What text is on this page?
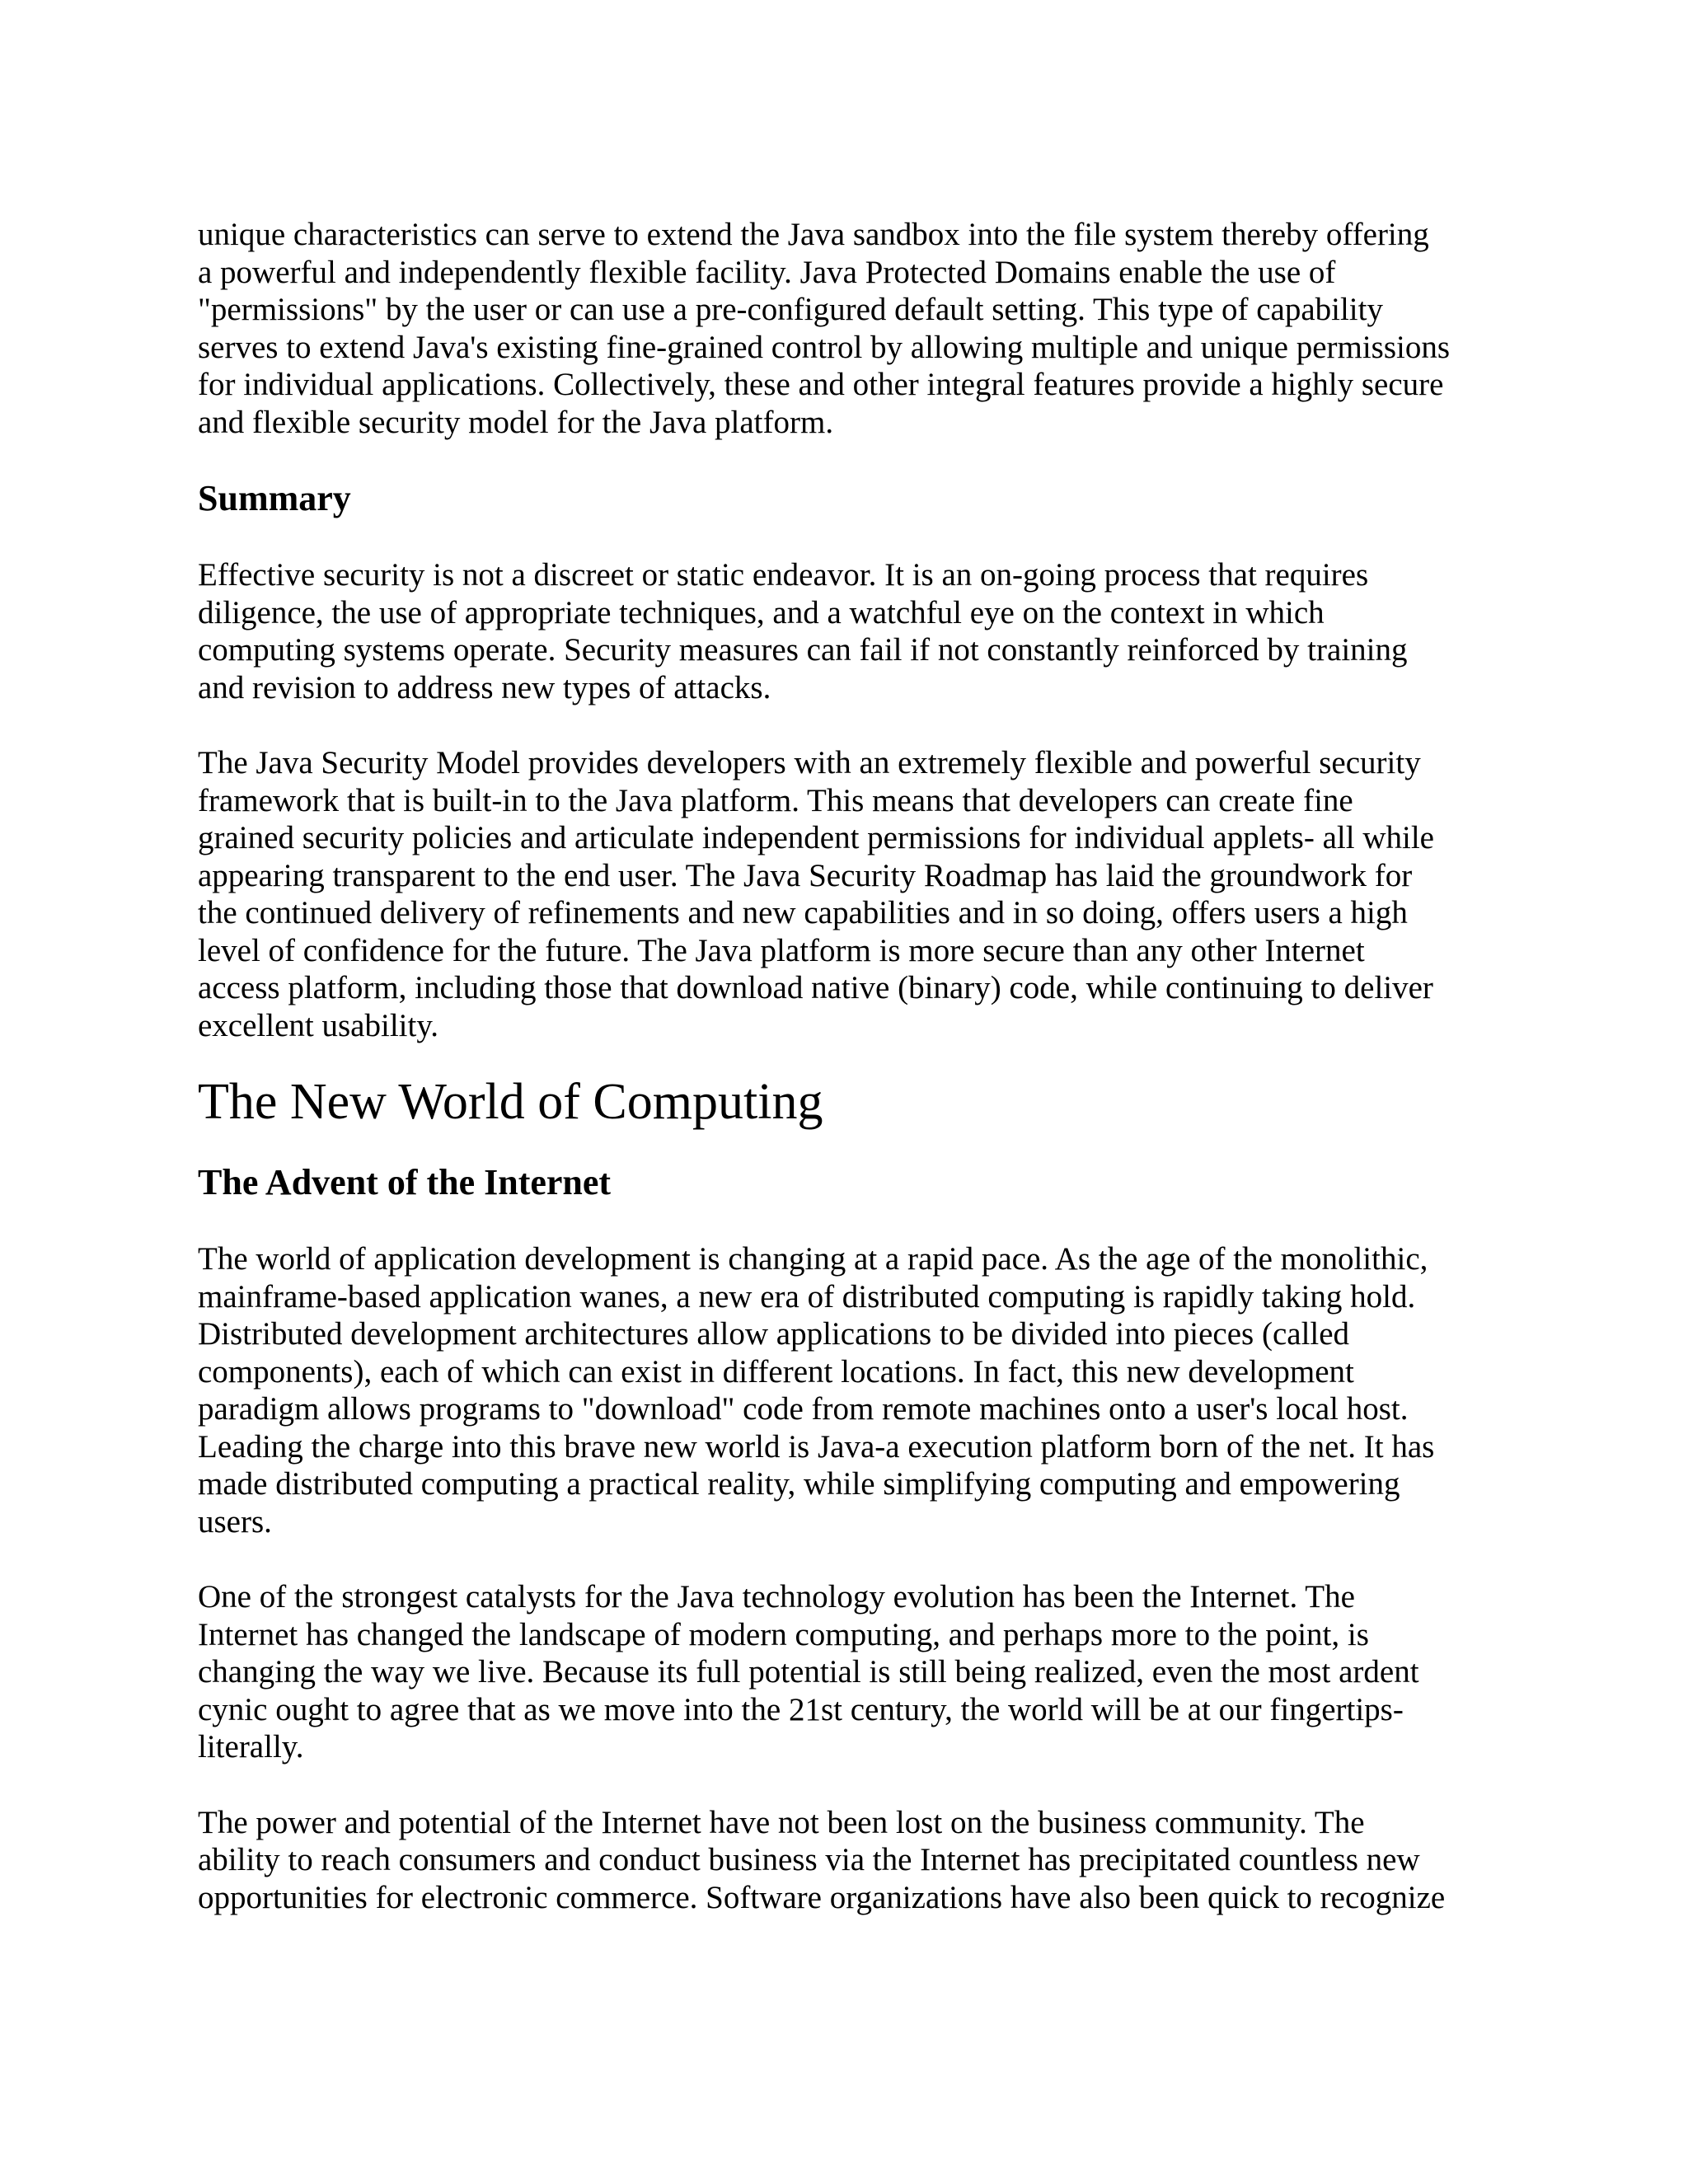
unique characteristics can serve to extend the Java sandbox into the file system thereby offering
a powerful and independently flexible facility. Java Protected Domains enable the use of
"permissions" by the user or can use a pre-configured default setting. This type of capability
serves to extend Java's existing fine-grained control by allowing multiple and unique permissions
for individual applications. Collectively, these and other integral features provide a highly secure
and flexible security model for the Java platform.

Summary

Effective security is not a discreet or static endeavor. It is an on-going process that requires
diligence, the use of appropriate techniques, and a watchful eye on the context in which
computing systems operate. Security measures can fail if not constantly reinforced by training
and revision to address new types of attacks.

The Java Security Model provides developers with an extremely flexible and powerful security
framework that is built-in to the Java platform. This means that developers can create fine
grained security policies and articulate independent permissions for individual applets- all while
appearing transparent to the end user. The Java Security Roadmap has laid the groundwork for
the continued delivery of refinements and new capabilities and in so doing, offers users a high
level of confidence for the future. The Java platform is more secure than any other Internet
access platform, including those that download native (binary) code, while continuing to deliver
excellent usability.

The New World of Computing
The Advent of the Internet

The world of application development is changing at a rapid pace. As the age of the monolithic,
mainframe-based application wanes, a new era of distributed computing is rapidly taking hold.
Distributed development architectures allow applications to be divided into pieces (called
components), each of which can exist in different locations. In fact, this new development
paradigm allows programs to "download" code from remote machines onto a user's local host.
Leading the charge into this brave new world is Java-a execution platform born of the net. It has
made distributed computing a practical reality, while simplifying computing and empowering
users.

One of the strongest catalysts for the Java technology evolution has been the Internet. The
Internet has changed the landscape of modern computing, and perhaps more to the point, is
changing the way we live. Because its full potential is still being realized, even the most ardent
cynic ought to agree that as we move into the 21st century, the world will be at our fingertips-
literally.

The power and potential of the Internet have not been lost on the business community. The
ability to reach consumers and conduct business via the Internet has precipitated countless new
opportunities for electronic commerce. Software organizations have also been quick to recognize
